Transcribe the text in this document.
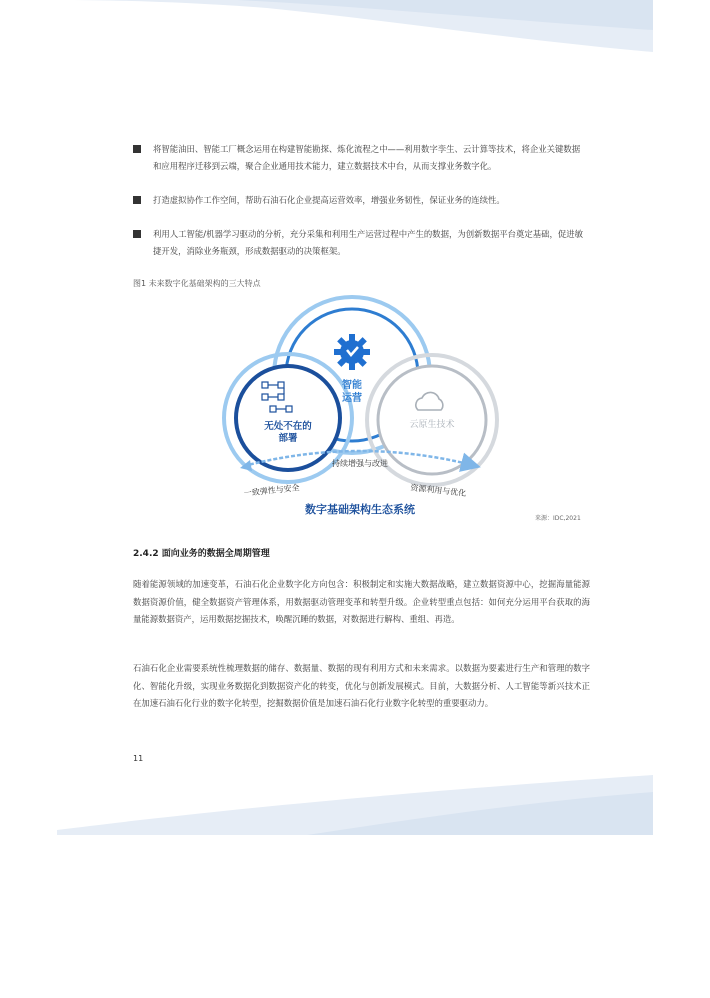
将智能油田、智能工厂概念运用在构建智能勘探、炼化流程之中——利用数字孪生、云计算等技术，将企业关键数据和应用程序迁移到云端，聚合企业通用技术能力，建立数据技术中台，从而支撑业务数字化。
打造虚拟协作工作空间，帮助石油石化企业提高运营效率，增强业务韧性，保证业务的连续性。
利用人工智能/机器学习驱动的分析，充分采集和利用生产运营过程中产生的数据，为创新数据平台奠定基础，促进敏捷开发，消除业务瓶颈，形成数据驱动的决策框架。
图1 未来数字化基础架构的三大特点
智能
运营
无处不在的
部署
云原生技术
持续增强与改进
一致弹性与安全	资源利用与优化
数字基础架构生态系统
来源：IDC,2021
2.4.2 面向业务的数据全周期管理
随着能源领域的加速变革，石油石化企业数字化方向包含：积极制定和实施大数据战略，建立数据资源中心，挖掘海量能源数据资源价值，健全数据资产管理体系，用数据驱动管理变革和转型升级。企业转型重点包括：如何充分运用平台获取的海量能源数据资产，运用数据挖掘技术，唤醒沉睡的数据，对数据进行解构、重组、再造。
石油石化企业需要系统性梳理数据的储存、数据量、数据的现有利用方式和未来需求。以数据为要素进行生产和管理的数字化、智能化升级，实现业务数据化到数据资产化的转变，优化与创新发展模式。目前，大数据分析、人工智能等新兴技术正在加速石油石化行业的数字化转型，挖掘数据价值是加速石油石化行业数字化转型的重要驱动力。
11
